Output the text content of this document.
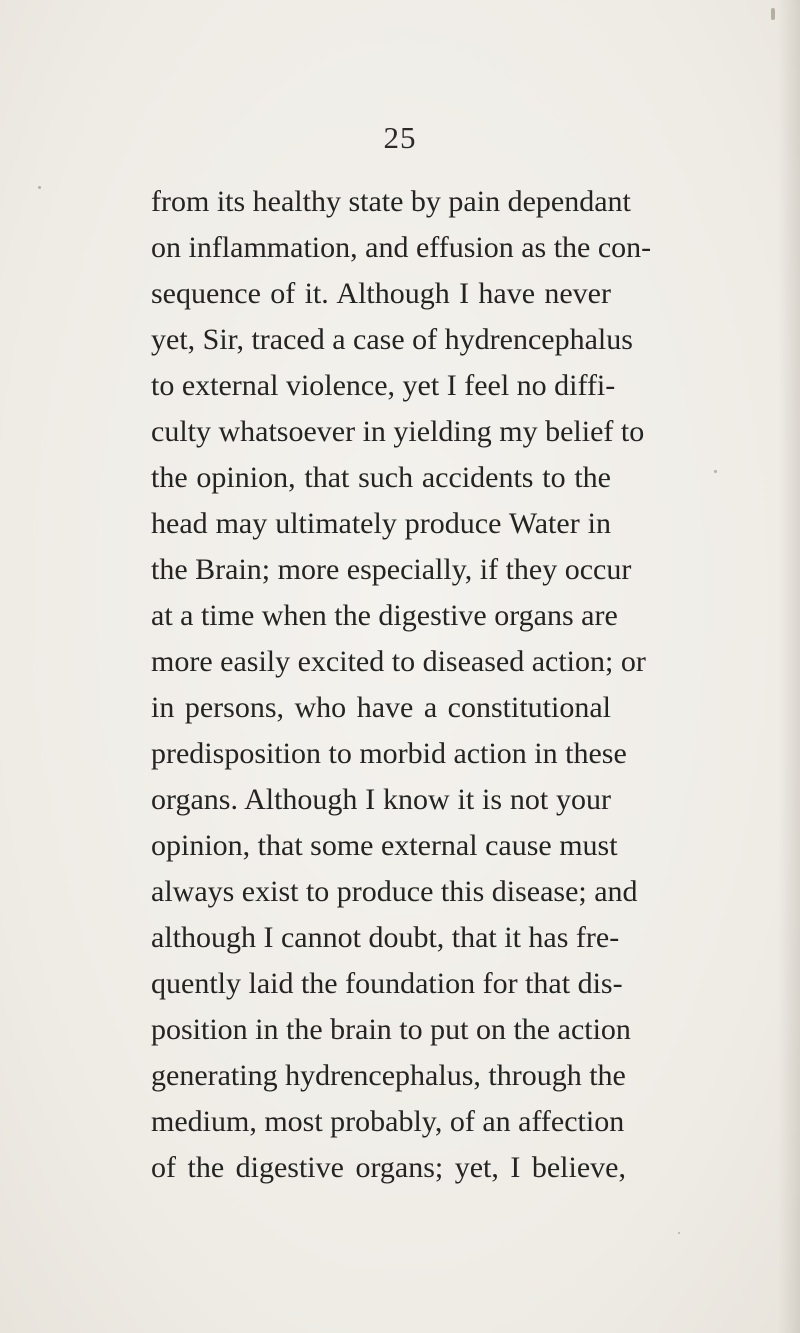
25
from its healthy state by pain dependant
on inflammation, and effusion as the con-
sequence of it. Although I have never
yet, Sir, traced a case of hydrencephalus
to external violence, yet I feel no diffi-
culty whatsoever in yielding my belief to
the opinion, that such accidents to the
head may ultimately produce Water in
the Brain; more especially, if they occur
at a time when the digestive organs are
more easily excited to diseased action; or
in persons, who have a constitutional
predisposition to morbid action in these
organs. Although I know it is not your
opinion, that some external cause must
always exist to produce this disease; and
although I cannot doubt, that it has fre-
quently laid the foundation for that dis-
position in the brain to put on the action
generating hydrencephalus, through the
medium, most probably, of an affection
of the digestive organs; yet, I believe,
